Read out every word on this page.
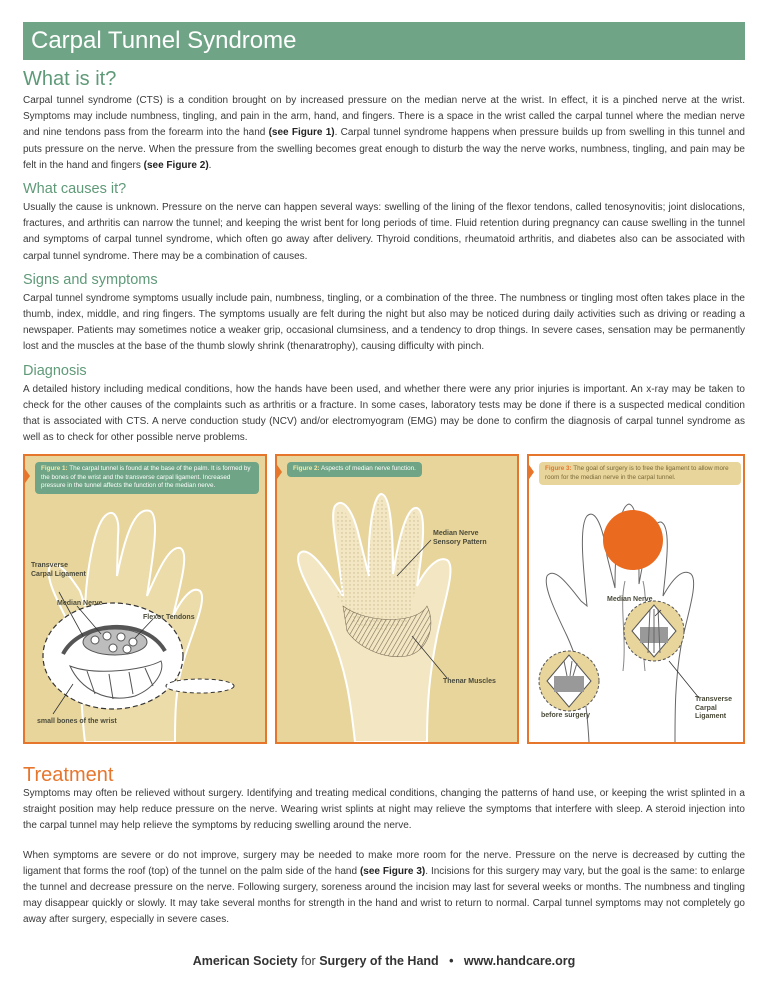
Carpal Tunnel Syndrome
What is it?

Carpal tunnel syndrome (CTS) is a condition brought on by increased pressure on the median nerve at the wrist. In effect, it is a pinched nerve at the wrist. Symptoms may include numbness, tingling, and pain in the arm, hand, and fingers. There is a space in the wrist called the carpal tunnel where the median nerve and nine tendons pass from the forearm into the hand (see Figure 1). Carpal tunnel syndrome happens when pressure builds up from swelling in this tunnel and puts pressure on the nerve. When the pressure from the swelling becomes great enough to disturb the way the nerve works, numbness, tingling, and pain may be felt in the hand and fingers (see Figure 2).

What causes it?

Usually the cause is unknown. Pressure on the nerve can happen several ways: swelling of the lining of the flexor tendons, called tenosynovitis; joint dislocations, fractures, and arthritis can narrow the tunnel; and keeping the wrist bent for long periods of time. Fluid retention during pregnancy can cause swelling in the tunnel and symptoms of carpal tunnel syndrome, which often go away after delivery. Thyroid conditions, rheumatoid arthritis, and diabetes also can be associated with carpal tunnel syndrome. There may be a combination of causes.

Signs and symptoms

Carpal tunnel syndrome symptoms usually include pain, numbness, tingling, or a combination of the three. The numbness or tingling most often takes place in the thumb, index, middle, and ring fingers. The symptoms usually are felt during the night but also may be noticed during daily activities such as driving or reading a newspaper. Patients may sometimes notice a weaker grip, occasional clumsiness, and a tendency to drop things. In severe cases, sensation may be permanently lost and the muscles at the base of the thumb slowly shrink (thenaratrophy), causing difficulty with pinch.

Diagnosis

A detailed history including medical conditions, how the hands have been used, and whether there were any prior injuries is important. An x-ray may be taken to check for the other causes of the complaints such as arthritis or a fracture. In some cases, laboratory tests may be done if there is a suspected medical condition that is associated with CTS. A nerve conduction study (NCV) and/or electromyogram (EMG) may be done to confirm the diagnosis of carpal tunnel syndrome as well as to check for other possible nerve problems.

Figure 1: The carpal tunnel is found at the base of the palm. It is formed by the bones of the wrist and the transverse carpal ligament. Increased pressure in the tunnel affects the function of the median nerve.
Transverse Carpal Ligament
Median Nerve
Flexor Tendons
small bones of the wrist
Figure 2: Aspects of median nerve function.
Median Nerve Sensory Pattern
Thenar Muscles
Figure 3: The goal of surgery is to free the ligament to allow more room for the median nerve in the carpal tunnel.
Median Nerve
Transverse Carpal Ligament
before surgery
Treatment

Symptoms may often be relieved without surgery. Identifying and treating medical conditions, changing the patterns of hand use, or keeping the wrist splinted in a straight position may help reduce pressure on the nerve. Wearing wrist splints at night may relieve the symptoms that interfere with sleep. A steroid injection into the carpal tunnel may help relieve the symptoms by reducing swelling around the nerve.

When symptoms are severe or do not improve, surgery may be needed to make more room for the nerve. Pressure on the nerve is decreased by cutting the ligament that forms the roof (top) of the tunnel on the palm side of the hand (see Figure 3). Incisions for this surgery may vary, but the goal is the same: to enlarge the tunnel and decrease pressure on the nerve. Following surgery, soreness around the incision may last for several weeks or months. The numbness and tingling may disappear quickly or slowly. It may take several months for strength in the hand and wrist to return to normal. Carpal tunnel symptoms may not completely go away after surgery, especially in severe cases.

American Society for Surgery of the Hand • www.handcare.org
